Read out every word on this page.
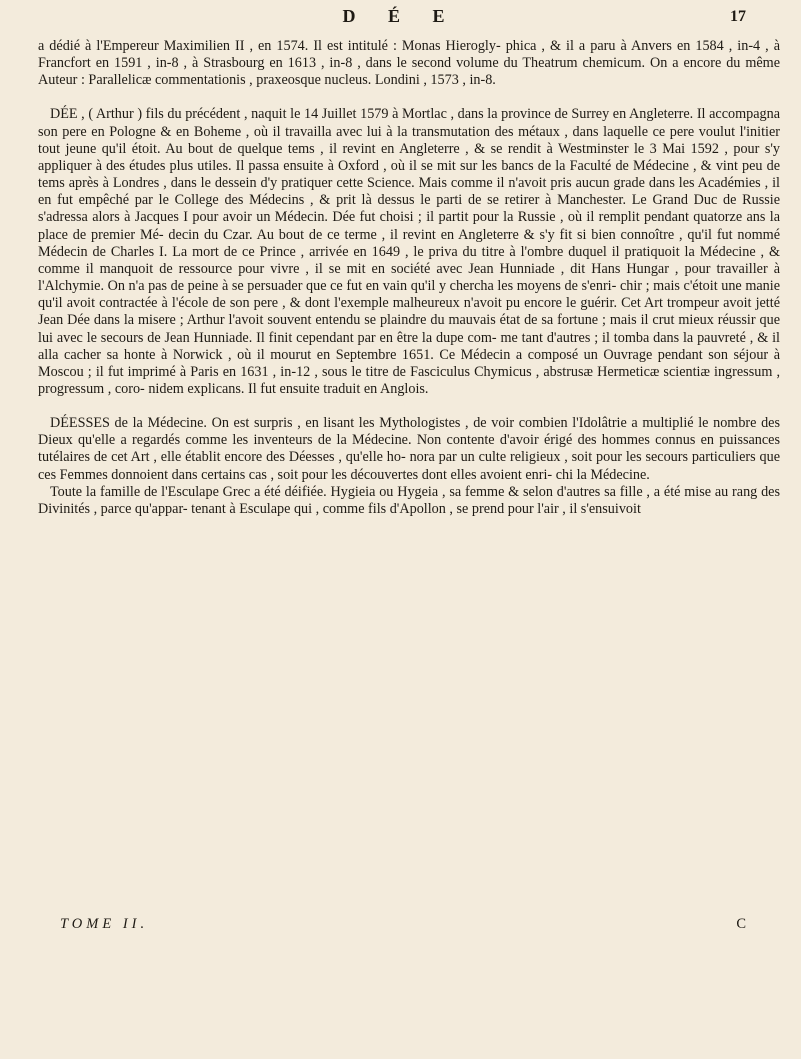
D É E	17

a dédié à l'Empereur Maximilien II , en 1574. Il est intitulé : Monas Hierogly- phica , & il a paru à Anvers en 1584 , in-4 , à Francfort en 1591 , in-8 , à Strasbourg en 1613 , in-8 , dans le second volume du Theatrum chemicum. On a encore du même Auteur : Parallelicæ commentationis , praxeosque nucleus. Londini , 1573 , in-8.

DÉE , ( Arthur ) fils du précédent , naquit le 14 Juillet 1579 à Mortlac , dans la province de Surrey en Angleterre. Il accompagna son pere en Pologne & en Boheme , où il travailla avec lui à la transmutation des métaux , dans laquelle ce pere voulut l'initier tout jeune qu'il étoit. Au bout de quelque tems , il revint en Angleterre , & se rendit à Westminster le 3 Mai 1592 , pour s'y appliquer à des études plus utiles. Il passa ensuite à Oxford , où il se mit sur les bancs de la Faculté de Médecine , & vint peu de tems après à Londres , dans le dessein d'y pratiquer cette Science. Mais comme il n'avoit pris aucun grade dans les Académies , il en fut empêché par le College des Médecins , & prit là dessus le parti de se retirer à Manchester. Le Grand Duc de Russie s'adressa alors à Jacques I pour avoir un Médecin. Dée fut choisi ; il partit pour la Russie , où il remplit pendant quatorze ans la place de premier Mé- decin du Czar. Au bout de ce terme , il revint en Angleterre & s'y fit si bien connoître , qu'il fut nommé Médecin de Charles I. La mort de ce Prince , arrivée en 1649 , le priva du titre à l'ombre duquel il pratiquoit la Médecine , & comme il manquoit de ressource pour vivre , il se mit en société avec Jean Hunniade , dit Hans Hungar , pour travailler à l'Alchymie. On n'a pas de peine à se persuader que ce fut en vain qu'il y chercha les moyens de s'enri- chir ; mais c'étoit une manie qu'il avoit contractée à l'école de son pere , & dont l'exemple malheureux n'avoit pu encore le guérir. Cet Art trompeur avoit jetté Jean Dée dans la misere ; Arthur l'avoit souvent entendu se plaindre du mauvais état de sa fortune ; mais il crut mieux réussir que lui avec le secours de Jean Hunniade. Il finit cependant par en être la dupe com- me tant d'autres ; il tomba dans la pauvreté , & il alla cacher sa honte à Norwick , où il mourut en Septembre 1651. Ce Médecin a composé un Ouvrage pendant son séjour à Moscou ; il fut imprimé à Paris en 1631 , in-12 , sous le titre de Fasciculus Chymicus , abstrusæ Hermeticæ scientiæ ingressum , progressum , coro- nidem explicans. Il fut ensuite traduit en Anglois.

DÉESSES de la Médecine. On est surpris , en lisant les Mythologistes , de voir combien l'Idolâtrie a multiplié le nombre des Dieux qu'elle a regardés comme les inventeurs de la Médecine. Non contente d'avoir érigé des hommes connus en puissances tutélaires de cet Art , elle établit encore des Déesses , qu'elle ho- nora par un culte religieux , soit pour les secours particuliers que ces Femmes donnoient dans certains cas , soit pour les découvertes dont elles avoient enri- chi la Médecine.

Toute la famille de l'Esculape Grec a été déifiée. Hygieia ou Hygeia , sa femme & selon d'autres sa fille , a été mise au rang des Divinités , parce qu'appar- tenant à Esculape qui , comme fils d'Apollon , se prend pour l'air , il s'ensuivoit

TOME II.	C
